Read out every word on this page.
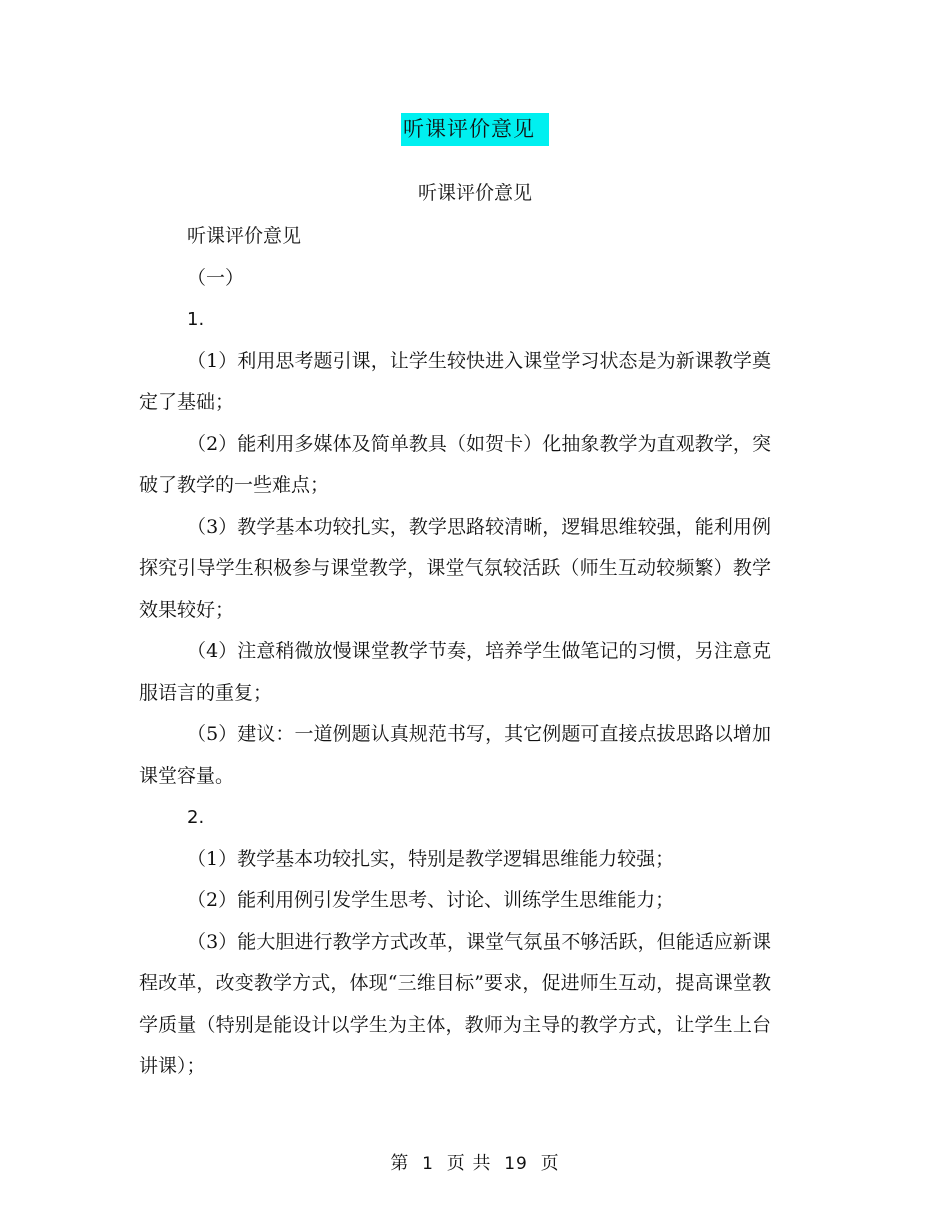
听课评价意见
听课评价意见

听课评价意见

（一）

1.

（1）利用思考题引课，让学生较快进入课堂学习状态是为新课教学奠定了基础；

（2）能利用多媒体及简单教具（如贺卡）化抽象教学为直观教学，突破了教学的一些难点；

（3）教学基本功较扎实，教学思路较清晰，逻辑思维较强，能利用例探究引导学生积极参与课堂教学，课堂气氛较活跃（师生互动较频繁）教学效果较好；

（4）注意稍微放慢课堂教学节奏，培养学生做笔记的习惯，另注意克服语言的重复；

（5）建议：一道例题认真规范书写，其它例题可直接点拔思路以增加课堂容量。

2.

（1）教学基本功较扎实，特别是教学逻辑思维能力较强；

（2）能利用例引发学生思考、讨论、训练学生思维能力；

（3）能大胆进行教学方式改革，课堂气氛虽不够活跃，但能适应新课程改革，改变教学方式，体现“三维目标”要求，促进师生互动，提高课堂教学质量（特别是能设计以学生为主体，教师为主导的教学方式，让学生上台讲课）；

第 1 页 共 19 页
